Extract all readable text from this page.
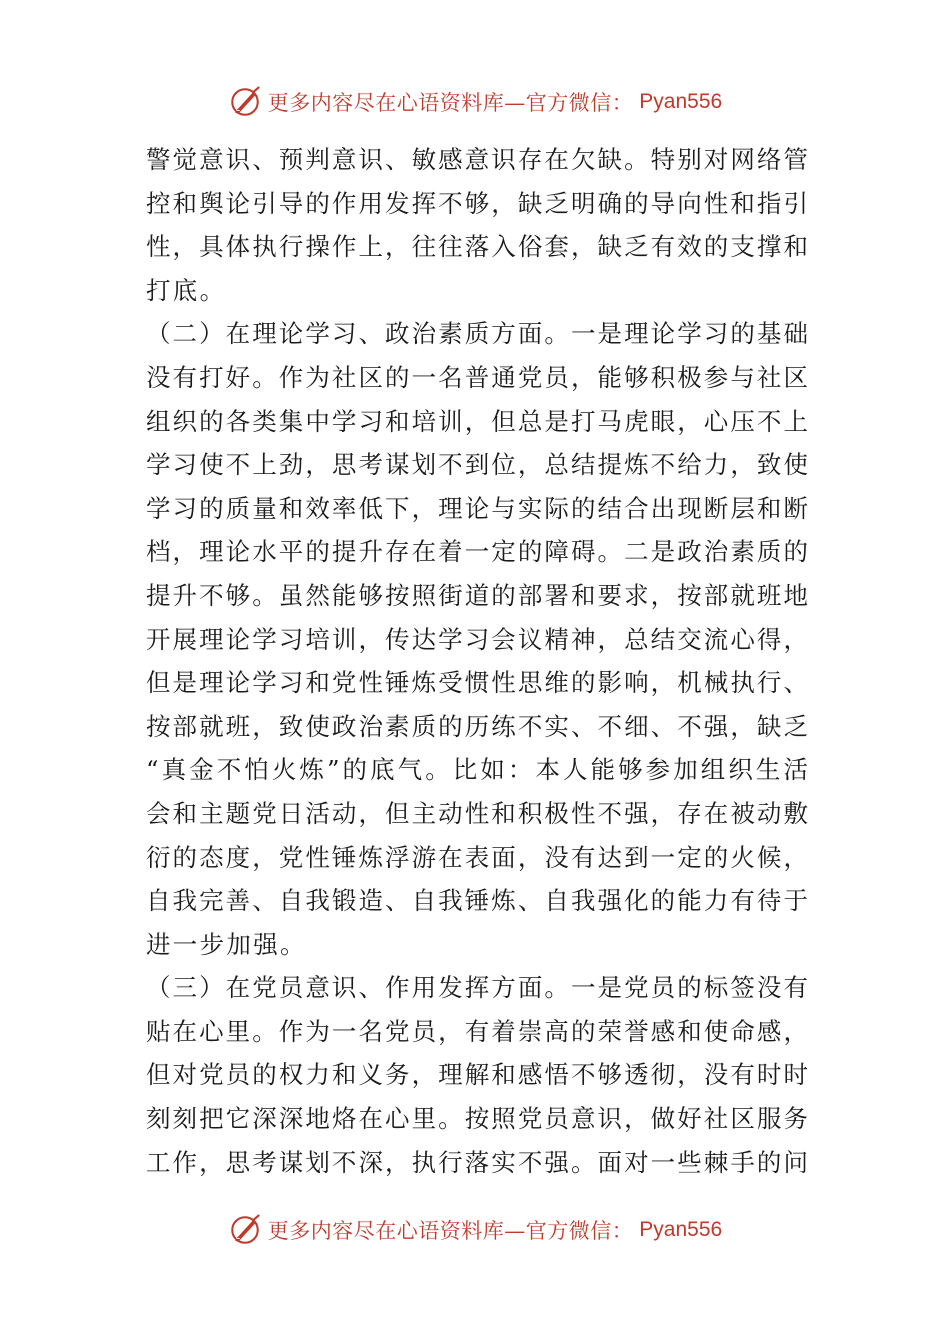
更多内容尽在心语资料库—官方微信： Pyan556
警觉意识、预判意识、敏感意识存在欠缺。特别对网络管
控和舆论引导的作用发挥不够，缺乏明确的导向性和指引
性，具体执行操作上，往往落入俗套，缺乏有效的支撑和
打底。
（二）在理论学习、政治素质方面。一是理论学习的基础
没有打好。作为社区的一名普通党员，能够积极参与社区
组织的各类集中学习和培训，但总是打马虎眼，心压不上
学习使不上劲，思考谋划不到位，总结提炼不给力，致使
学习的质量和效率低下，理论与实际的结合出现断层和断
档，理论水平的提升存在着一定的障碍。二是政治素质的
提升不够。虽然能够按照街道的部署和要求，按部就班地
开展理论学习培训，传达学习会议精神，总结交流心得，
但是理论学习和党性锤炼受惯性思维的影响，机械执行、
按部就班，致使政治素质的历练不实、不细、不强，缺乏
“真金不怕火炼”的底气。比如：本人能够参加组织生活
会和主题党日活动，但主动性和积极性不强，存在被动敷
衍的态度，党性锤炼浮游在表面，没有达到一定的火候，
自我完善、自我锻造、自我锤炼、自我强化的能力有待于
进一步加强。
（三）在党员意识、作用发挥方面。一是党员的标签没有
贴在心里。作为一名党员，有着崇高的荣誉感和使命感，
但对党员的权力和义务，理解和感悟不够透彻，没有时时
刻刻把它深深地烙在心里。按照党员意识，做好社区服务
工作，思考谋划不深，执行落实不强。面对一些棘手的问
更多内容尽在心语资料库—官方微信： Pyan556
